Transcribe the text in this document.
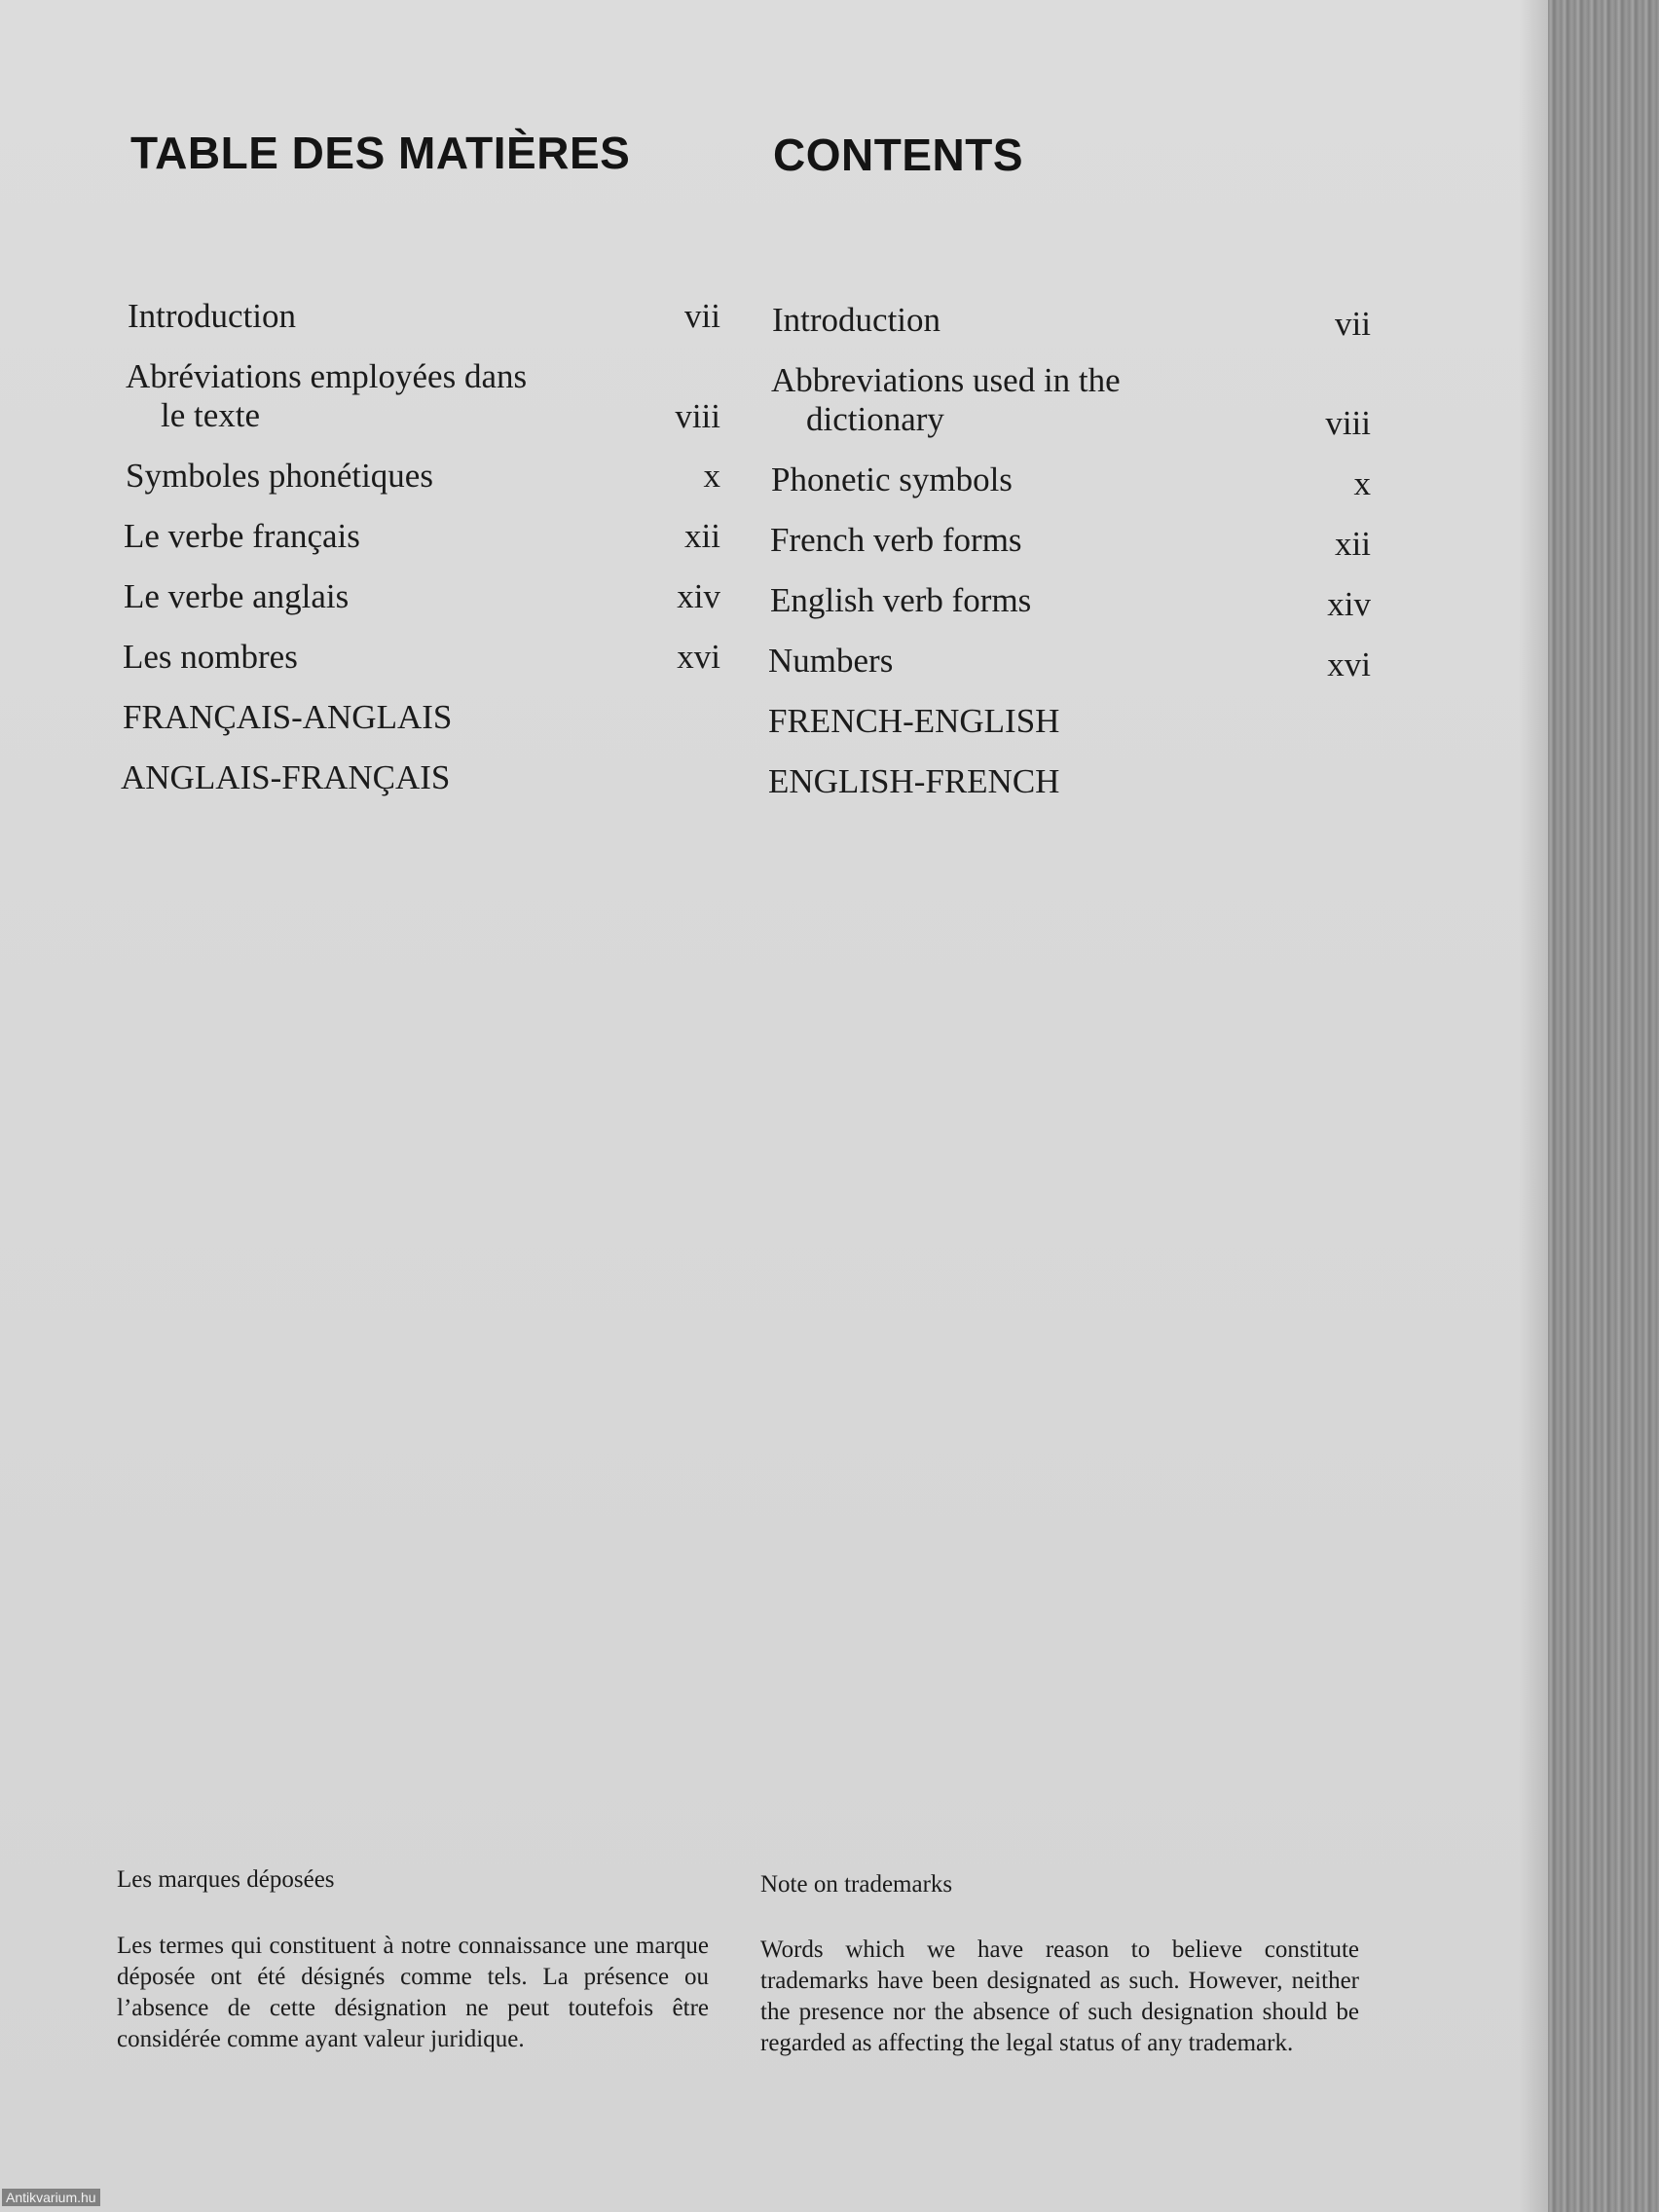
TABLE DES MATIÈRES
Introduction	vii
Abréviations employées dans
le texte	viii
Symboles phonétiques	x
Le verbe français	xii
Le verbe anglais	xiv
Les nombres	xvi
FRANÇAIS-ANGLAIS
ANGLAIS-FRANÇAIS
Les marques déposées

Les termes qui constituent à notre connaissance une marque déposée ont été désignés comme tels. La présence ou l’absence de cette désignation ne peut toutefois être considérée comme ayant valeur juridique.

CONTENTS
Introduction	vii
Abbreviations used in the
dictionary	viii
Phonetic symbols	x
French verb forms	xii
English verb forms	xiv
Numbers	xvi
FRENCH-ENGLISH
ENGLISH-FRENCH
Note on trademarks

Words which we have reason to believe constitute trademarks have been designated as such. However, neither the presence nor the absence of such designation should be regarded as affecting the legal status of any trademark.

Antikvarium.hu
